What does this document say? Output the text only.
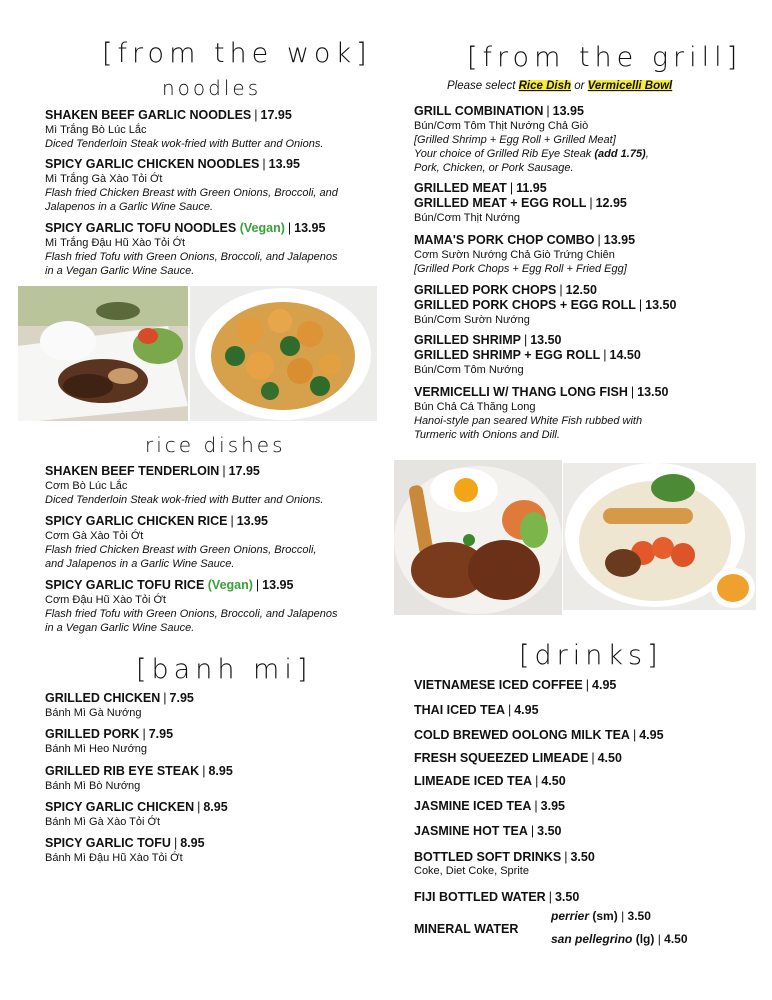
[from the wok]
noodles
SHAKEN BEEF GARLIC NOODLES | 17.95
Mì Trắng Bò Lúc Lắc
Diced Tenderloin Steak wok-fried with Butter and Onions.
SPICY GARLIC CHICKEN NOODLES | 13.95
Mì Trắng Gà Xào Tỏi Ớt
Flash fried Chicken Breast with Green Onions, Broccoli, and
Jalapenos in a Garlic Wine Sauce.
SPICY GARLIC TOFU NOODLES (Vegan) | 13.95
Mì Trắng Đậu Hũ Xào Tỏi Ớt
Flash fried Tofu with Green Onions, Broccoli, and Jalapenos
in a Vegan Garlic Wine Sauce.
rice dishes
SHAKEN BEEF TENDERLOIN | 17.95
Cơm Bò Lúc Lắc
Diced Tenderloin Steak wok-fried with Butter and Onions.
SPICY GARLIC CHICKEN RICE | 13.95
Cơm Gà Xào Tỏi Ớt
Flash fried Chicken Breast with Green Onions, Broccoli,
and Jalapenos in a Garlic Wine Sauce.
SPICY GARLIC TOFU RICE (Vegan) | 13.95
Cơm Đậu Hũ Xào Tỏi Ớt
Flash fried Tofu with Green Onions, Broccoli, and Jalapenos
in a Vegan Garlic Wine Sauce.
[banh mi]
GRILLED CHICKEN | 7.95
Bánh Mì Gà Nướng
GRILLED PORK | 7.95
Bánh Mì Heo Nướng
GRILLED RIB EYE STEAK | 8.95
Bánh Mì Bò Nướng
SPICY GARLIC CHICKEN | 8.95
Bánh Mì Gà Xào Tỏi Ớt
SPICY GARLIC TOFU | 8.95
Bánh Mì Đậu Hũ Xào Tỏi Ớt
[from the grill]
Please select Rice Dish or Vermicelli Bowl
GRILL COMBINATION | 13.95
Bún/Cơm Tôm Thịt Nướng Chả Giò
[Grilled Shrimp + Egg Roll + Grilled Meat]
Your choice of Grilled Rib Eye Steak (add 1.75),
Pork, Chicken, or Pork Sausage.
GRILLED MEAT | 11.95
GRILLED MEAT + EGG ROLL | 12.95
Bún/Cơm Thịt Nướng
MAMA'S PORK CHOP COMBO | 13.95
Cơm Sườn Nướng Chả Giò Trứng Chiên
[Grilled Pork Chops + Egg Roll + Fried Egg]
GRILLED PORK CHOPS | 12.50
GRILLED PORK CHOPS + EGG ROLL | 13.50
Bún/Cơm Sườn Nướng
GRILLED SHRIMP | 13.50
GRILLED SHRIMP + EGG ROLL | 14.50
Bún/Cơm Tôm Nướng
VERMICELLI W/ THANG LONG FISH | 13.50
Bún Chả Cá Thăng Long
Hanoi-style pan seared White Fish rubbed with
Turmeric with Onions and Dill.
[drinks]
VIETNAMESE ICED COFFEE | 4.95
THAI ICED TEA | 4.95
COLD BREWED OOLONG MILK TEA | 4.95
FRESH SQUEEZED LIMEADE | 4.50
LIMEADE ICED TEA | 4.50
JASMINE ICED TEA | 3.95
JASMINE HOT TEA | 3.50
BOTTLED SOFT DRINKS | 3.50
Coke, Diet Coke, Sprite
FIJI BOTTLED WATER | 3.50
MINERAL WATER
perrier (sm) | 3.50
san pellegrino (lg) | 4.50
